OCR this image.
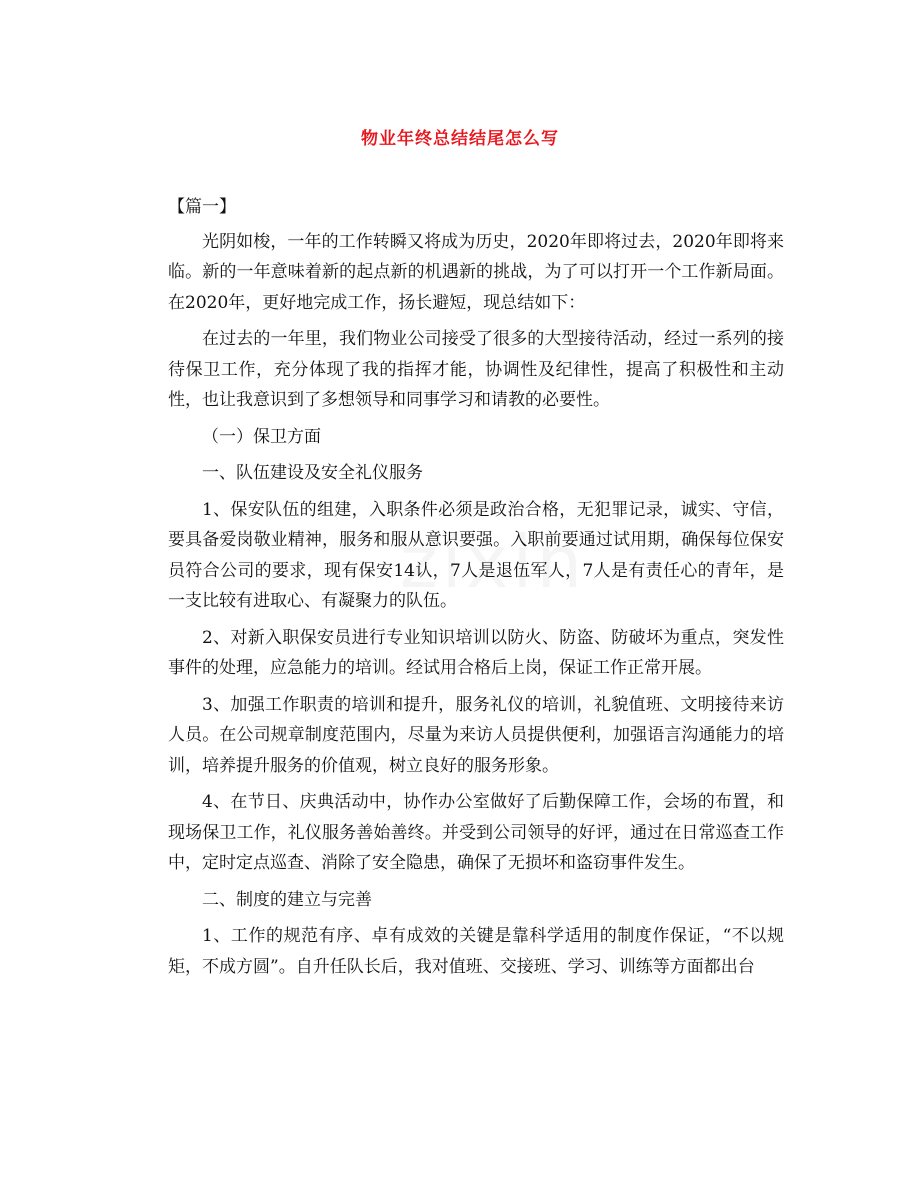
物业年终总结结尾怎么写

【篇一】

光阴如梭，一年的工作转瞬又将成为历史，2020年即将过去，2020年即将来临。新的一年意味着新的起点新的机遇新的挑战，为了可以打开一个工作新局面。在2020年，更好地完成工作，扬长避短，现总结如下：

在过去的一年里，我们物业公司接受了很多的大型接待活动，经过一系列的接待保卫工作，充分体现了我的指挥才能，协调性及纪律性，提高了积极性和主动性，也让我意识到了多想领导和同事学习和请教的必要性。

（一）保卫方面

一、队伍建设及安全礼仪服务

1、保安队伍的组建，入职条件必须是政治合格，无犯罪记录，诚实、守信，要具备爱岗敬业精神，服务和服从意识要强。入职前要通过试用期，确保每位保安员符合公司的要求，现有保安14认，7人是退伍军人，7人是有责任心的青年，是一支比较有进取心、有凝聚力的队伍。

2、对新入职保安员进行专业知识培训以防火、防盗、防破坏为重点，突发性事件的处理，应急能力的培训。经试用合格后上岗，保证工作正常开展。

3、加强工作职责的培训和提升，服务礼仪的培训，礼貌值班、文明接待来访人员。在公司规章制度范围内，尽量为来访人员提供便利，加强语言沟通能力的培训，培养提升服务的价值观，树立良好的服务形象。

4、在节日、庆典活动中，协作办公室做好了后勤保障工作，会场的布置，和现场保卫工作，礼仪服务善始善终。并受到公司领导的好评，通过在日常巡查工作中，定时定点巡查、消除了安全隐患，确保了无损坏和盗窃事件发生。

二、制度的建立与完善

1、工作的规范有序、卓有成效的关键是靠科学适用的制度作保证，“不以规矩，不成方圆”。自升任队长后，我对值班、交接班、学习、训练等方面都出台
